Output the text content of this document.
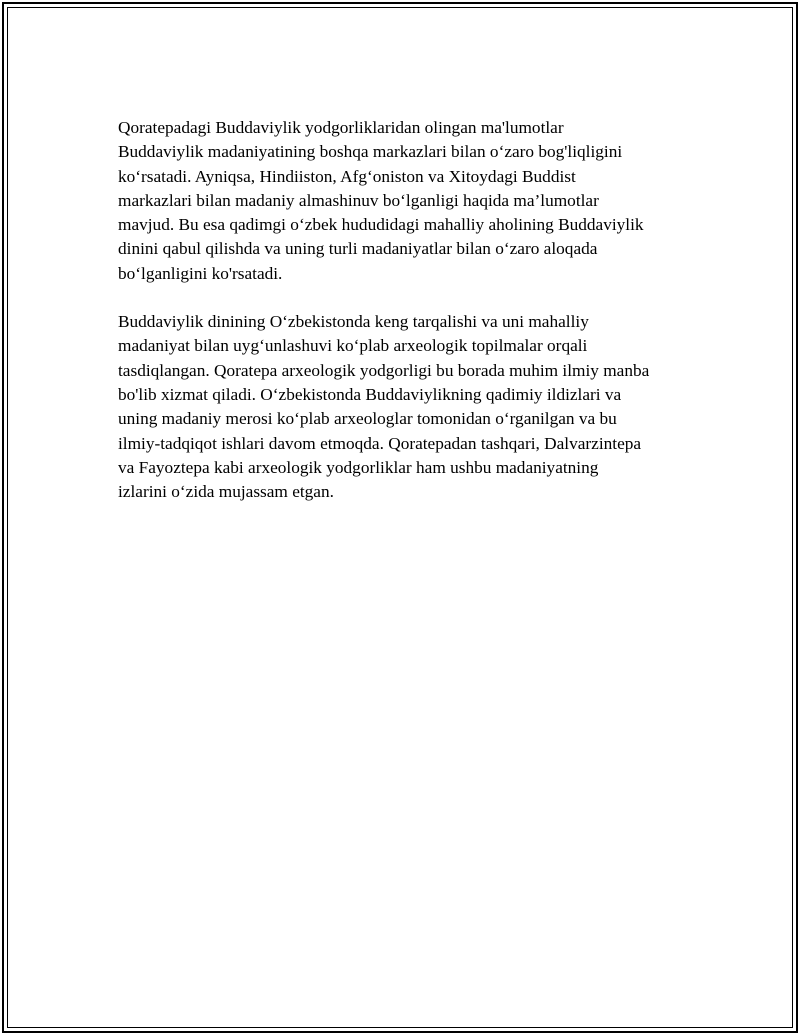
Qoratepadagi Buddaviylik yodgorliklaridan olingan ma'lumotlar
Buddaviylik madaniyatining boshqa markazlari bilan o‘zaro bog'liqligini
ko‘rsatadi. Ayniqsa, Hindiiston, Afg‘oniston va Xitoydagi Buddist
markazlari bilan madaniy almashinuv bo‘lganligi haqida ma’lumotlar
mavjud. Bu esa qadimgi o‘zbek hududidagi mahalliy aholining Buddaviylik
dinini qabul qilishda va uning turli madaniyatlar bilan o‘zaro aloqada
bo‘lganligini ko'rsatadi.

Buddaviylik dinining O‘zbekistonda keng tarqalishi va uni mahalliy
madaniyat bilan uyg‘unlashuvi ko‘plab arxeologik topilmalar orqali
tasdiqlangan. Qoratepa arxeologik yodgorligi bu borada muhim ilmiy manba
bo'lib xizmat qiladi. O‘zbekistonda Buddaviylikning qadimiy ildizlari va
uning madaniy merosi ko‘plab arxeologlar tomonidan o‘rganilgan va bu
ilmiy-tadqiqot ishlari davom etmoqda. Qoratepadan tashqari, Dalvarzintepa
va Fayoztepa kabi arxeologik yodgorliklar ham ushbu madaniyatning
izlarini o‘zida mujassam etgan.
